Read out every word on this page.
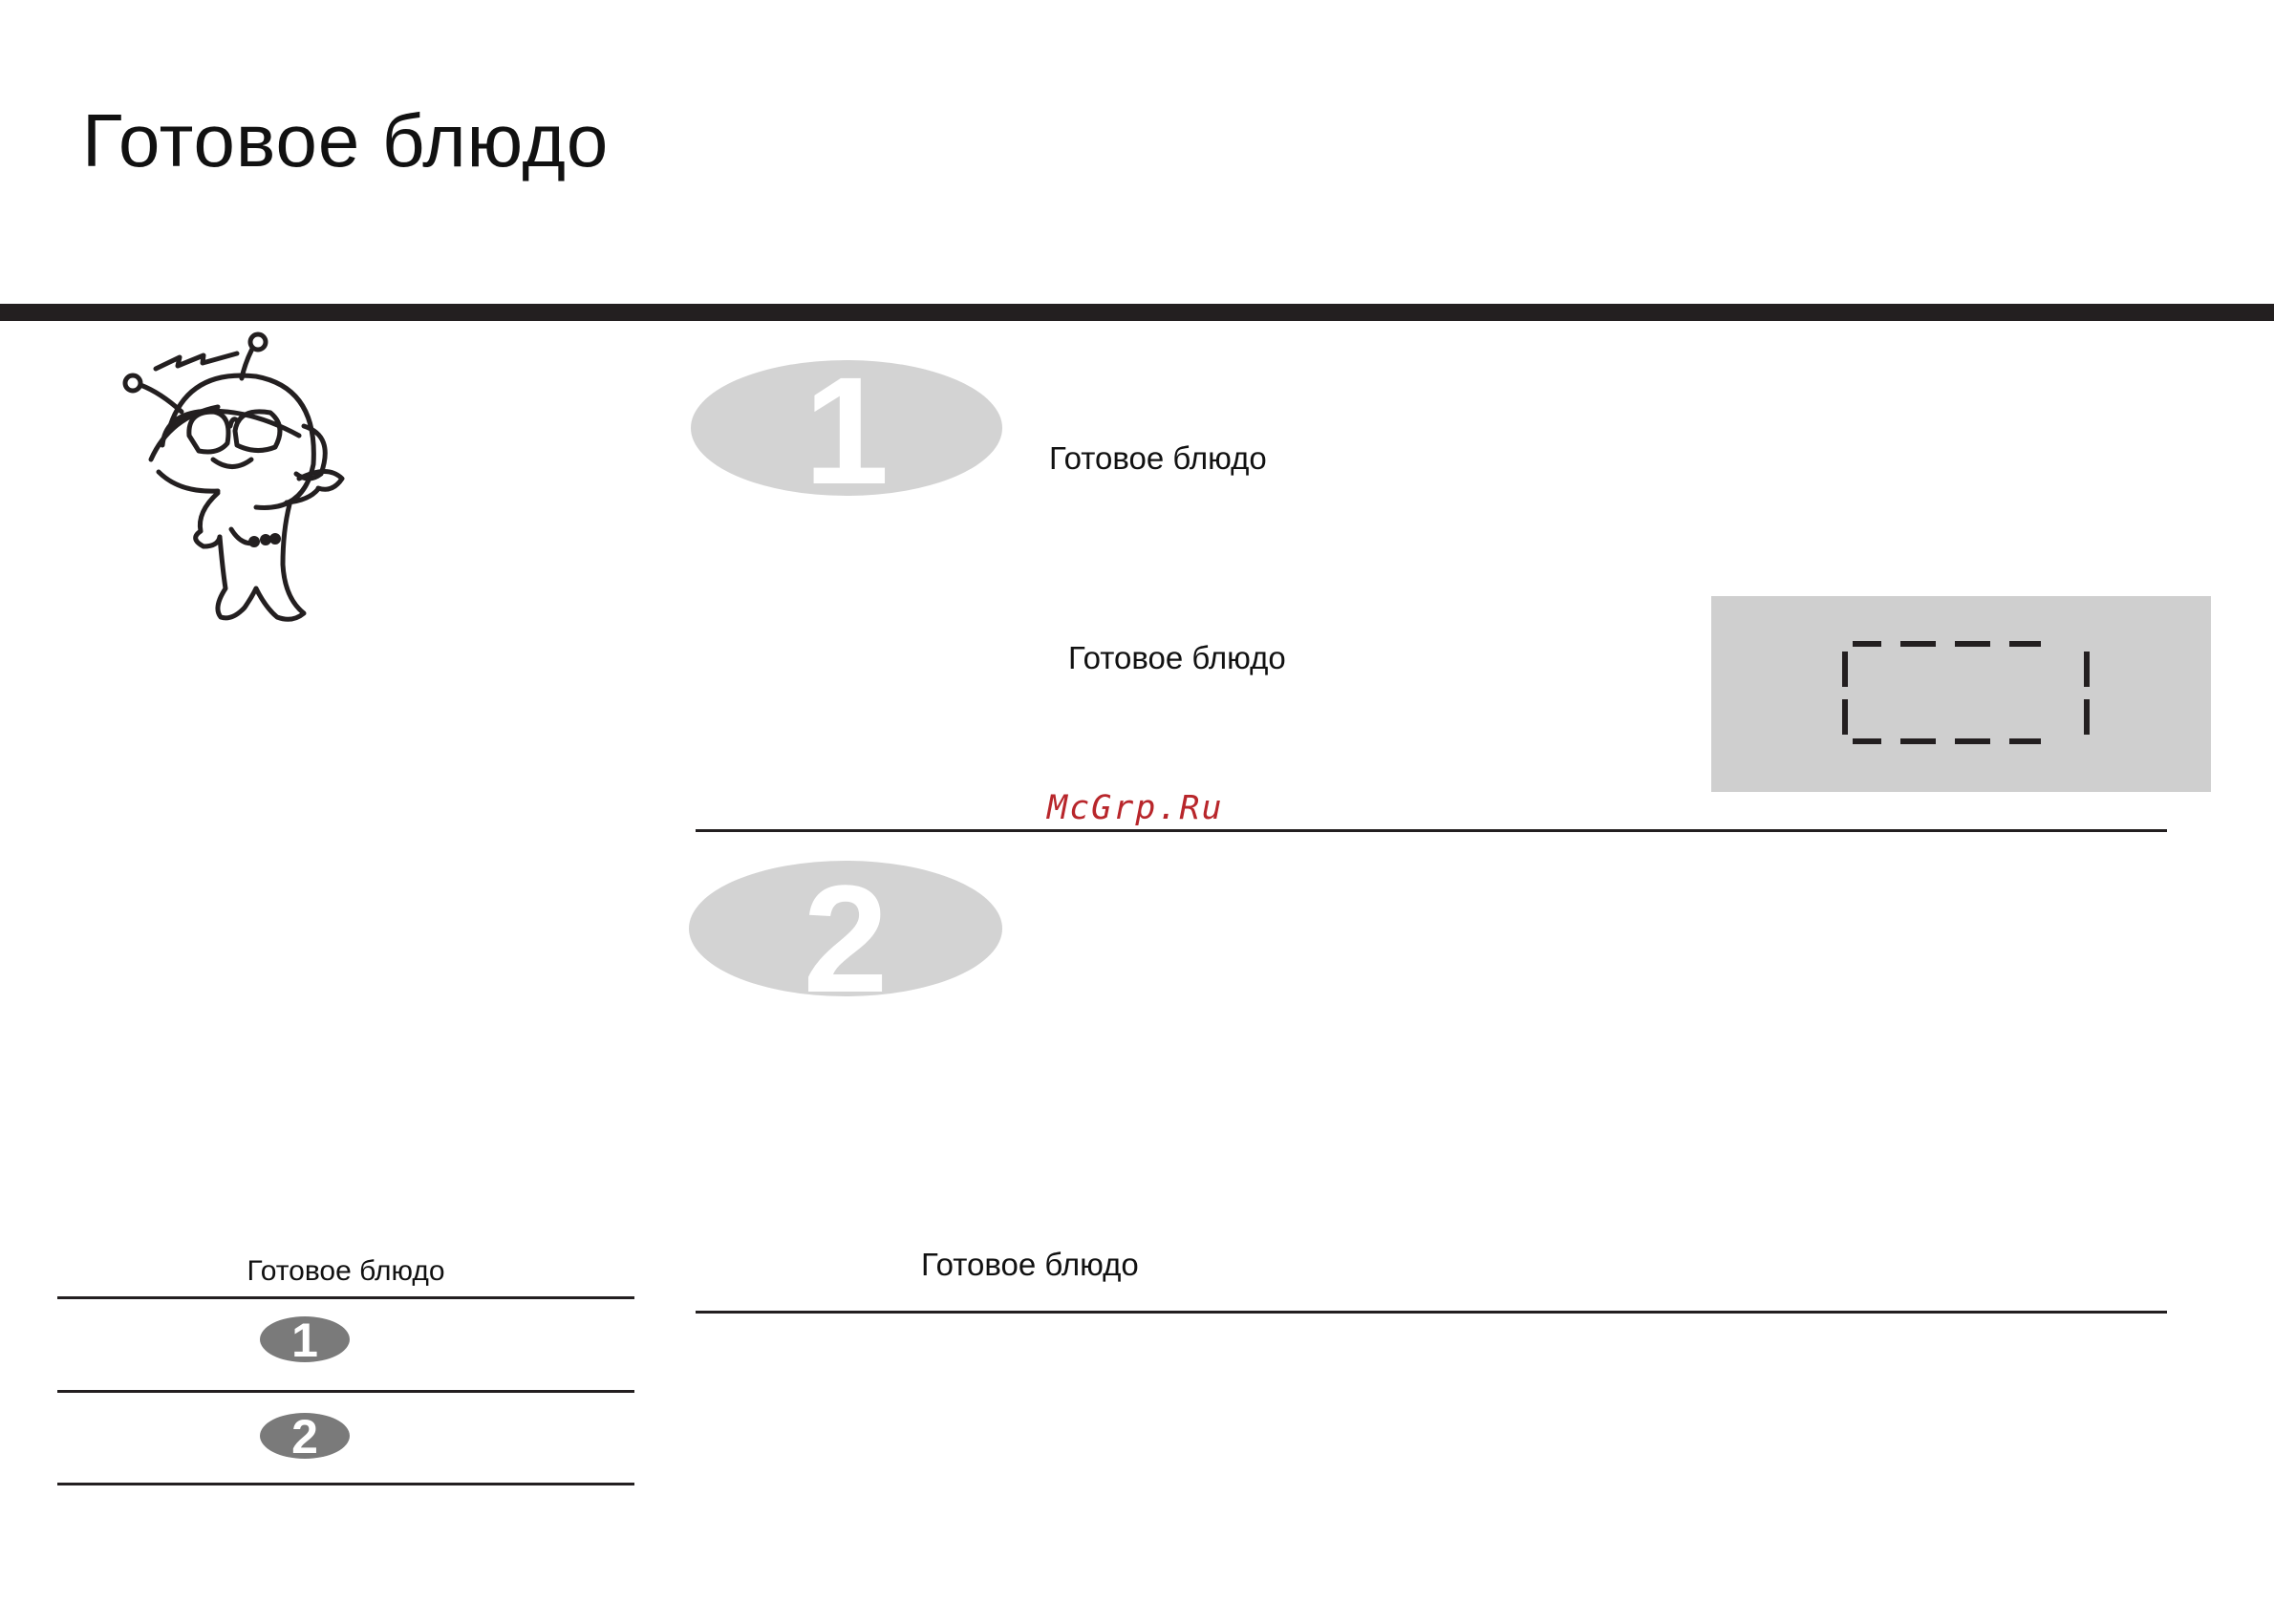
Готовое блюдо
1	Готовое блюдо
Готовое блюдо
McGrp.Ru
2
Готовое блюдо
Готовое блюдо
1
2
